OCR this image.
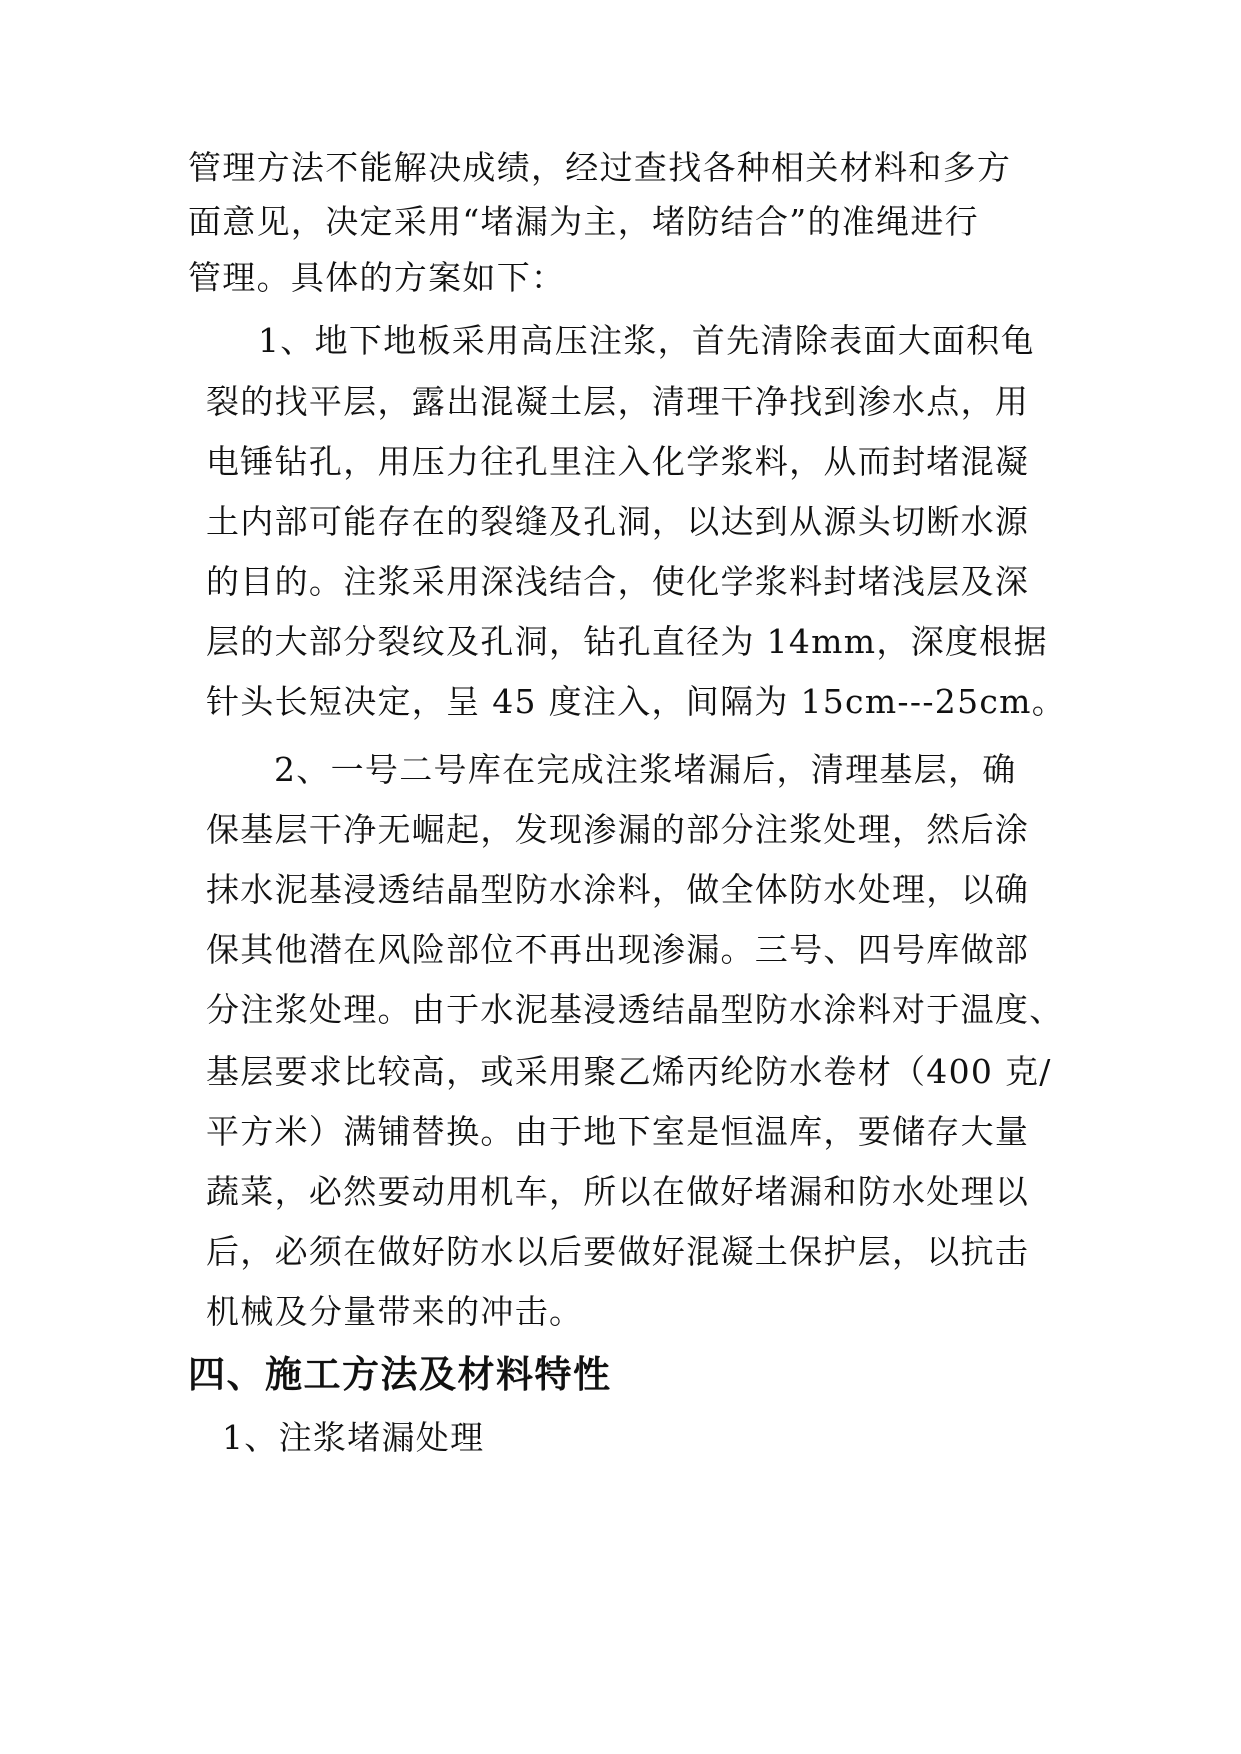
管理方法不能解决成绩，经过查找各种相关材料和多方
面意见，决定采用“堵漏为主，堵防结合”的准绳进行
管理。具体的方案如下：
1、地下地板采用高压注浆，首先清除表面大面积龟
裂的找平层，露出混凝土层，清理干净找到渗水点，用
电锤钻孔，用压力往孔里注入化学浆料，从而封堵混凝
土内部可能存在的裂缝及孔洞，以达到从源头切断水源
的目的。注浆采用深浅结合，使化学浆料封堵浅层及深
层的大部分裂纹及孔洞，钻孔直径为 14mm，深度根据
针头长短决定，呈 45 度注入，间隔为 15cm---25cm。
2、一号二号库在完成注浆堵漏后，清理基层，确
保基层干净无崛起，发现渗漏的部分注浆处理，然后涂
抹水泥基浸透结晶型防水涂料，做全体防水处理，以确
保其他潜在风险部位不再出现渗漏。三号、四号库做部
分注浆处理。由于水泥基浸透结晶型防水涂料对于温度、
基层要求比较高，或采用聚乙烯丙纶防水卷材（400 克/
平方米）满铺替换。由于地下室是恒温库，要储存大量
蔬菜，必然要动用机车，所以在做好堵漏和防水处理以
后，必须在做好防水以后要做好混凝土保护层，以抗击
机械及分量带来的冲击。
四、施工方法及材料特性
1、注浆堵漏处理
